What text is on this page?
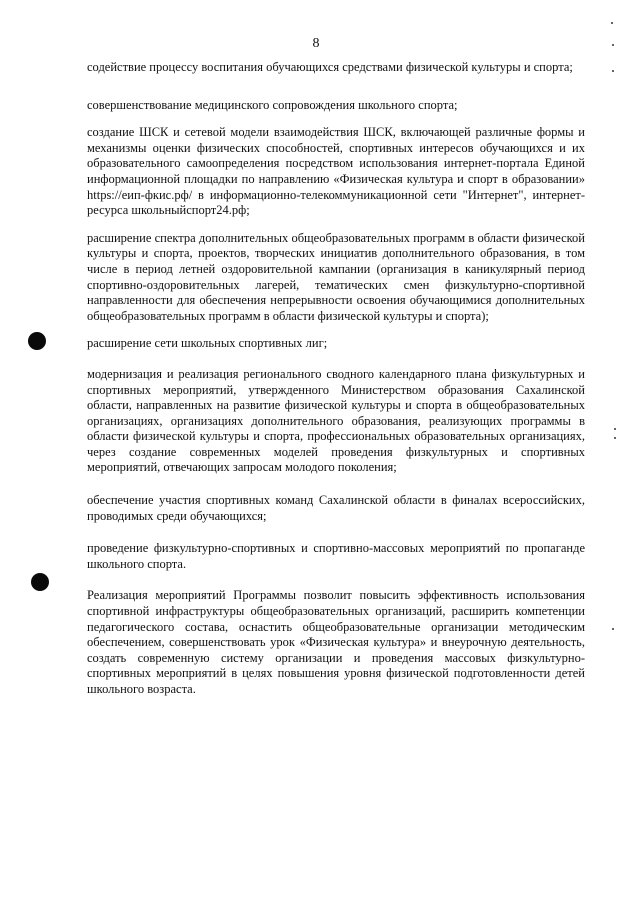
8

содействие процессу воспитания обучающихся средствами физической культуры и спорта;

совершенствование медицинского сопровождения школьного спорта;

создание ШСК и сетевой модели взаимодействия ШСК, включающей различные формы и механизмы оценки физических способностей, спортивных интересов обучающихся и их образовательного самоопределения посредством использования интернет-портала Единой информационной площадки по направлению «Физическая культура и спорт в образовании» https://еип-фкис.рф/ в информационно-телекоммуникационной сети "Интернет", интернет-ресурса школьныйспорт24.рф;

расширение спектра дополнительных общеобразовательных программ в области физической культуры и спорта, проектов, творческих инициатив дополнительного образования, в том числе в период летней оздоровительной кампании (организация в каникулярный период спортивно-оздоровительных лагерей, тематических смен физкультурно-спортивной направленности для обеспечения непрерывности освоения обучающимися дополнительных общеобразовательных программ в области физической культуры и спорта);

расширение сети школьных спортивных лиг;

модернизация и реализация регионального сводного календарного плана физкультурных и спортивных мероприятий, утвержденного Министерством образования Сахалинской области, направленных на развитие физической культуры и спорта в общеобразовательных организациях, организациях дополнительного образования, реализующих программы в области физической культуры и спорта, профессиональных образовательных организациях, через создание современных моделей проведения физкультурных и спортивных мероприятий, отвечающих запросам молодого поколения;

обеспечение участия спортивных команд Сахалинской области в финалах всероссийских, проводимых среди обучающихся;

проведение физкультурно-спортивных и спортивно-массовых мероприятий по пропаганде школьного спорта.

Реализация мероприятий Программы позволит повысить эффективность использования спортивной инфраструктуры общеобразовательных организаций, расширить компетенции педагогического состава, оснастить общеобразовательные организации методическим обеспечением, совершенствовать урок «Физическая культура» и внеурочную деятельность, создать современную систему организации и проведения массовых физкультурно-спортивных мероприятий в целях повышения уровня физической подготовленности детей школьного возраста.
